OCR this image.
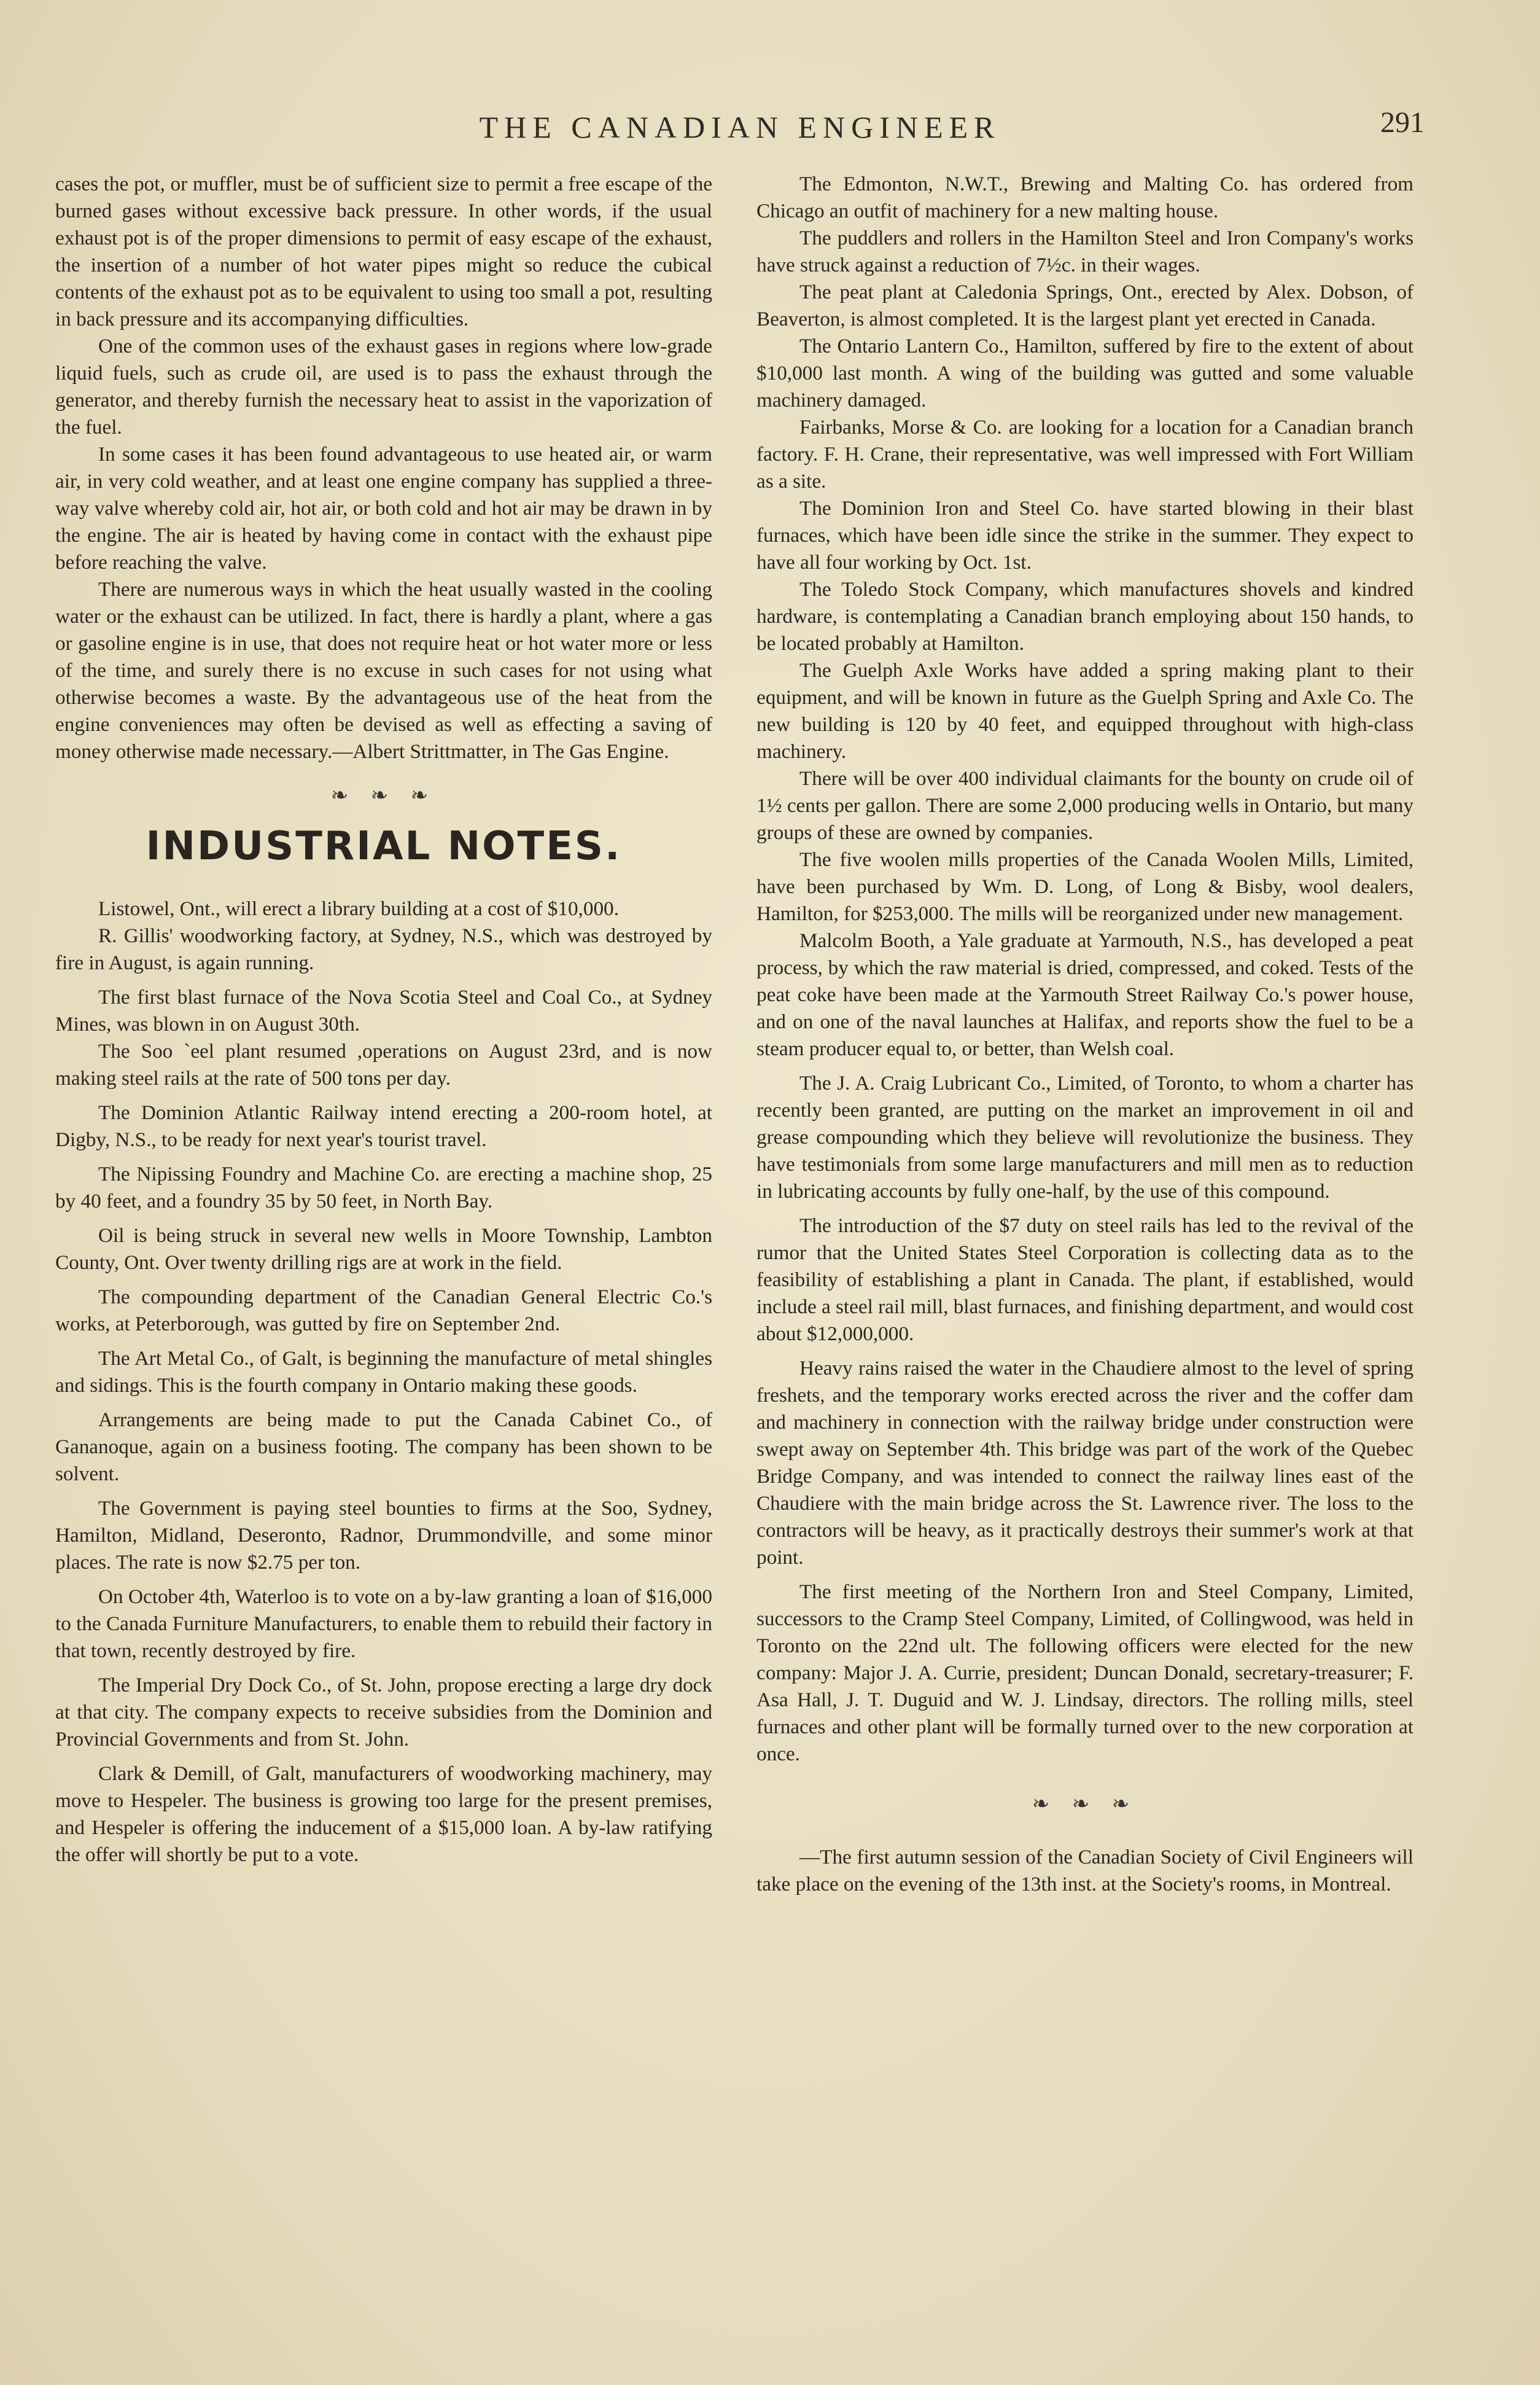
THE CANADIAN ENGINEER	291

cases the pot, or muffler, must be of sufficient size to permit a free escape of the burned gases without excessive back pressure. In other words, if the usual exhaust pot is of the proper dimensions to permit of easy escape of the exhaust, the insertion of a number of hot water pipes might so reduce the cubical contents of the exhaust pot as to be equivalent to using too small a pot, resulting in back pressure and its accompanying difficulties.

One of the common uses of the exhaust gases in regions where low-grade liquid fuels, such as crude oil, are used is to pass the exhaust through the generator, and thereby furnish the necessary heat to assist in the vaporization of the fuel.

In some cases it has been found advantageous to use heated air, or warm air, in very cold weather, and at least one engine company has supplied a three-way valve whereby cold air, hot air, or both cold and hot air may be drawn in by the engine. The air is heated by having come in contact with the exhaust pipe before reaching the valve.

There are numerous ways in which the heat usually wasted in the cooling water or the exhaust can be utilized. In fact, there is hardly a plant, where a gas or gasoline engine is in use, that does not require heat or hot water more or less of the time, and surely there is no excuse in such cases for not using what otherwise becomes a waste. By the advantageous use of the heat from the engine conveniences may often be devised as well as effecting a saving of money otherwise made necessary.—Albert Strittmatter, in The Gas Engine.

❧ ❧ ❧
INDUSTRIAL NOTES.

Listowel, Ont., will erect a library building at a cost of $10,000.

R. Gillis' woodworking factory, at Sydney, N.S., which was destroyed by fire in August, is again running.

The first blast furnace of the Nova Scotia Steel and Coal Co., at Sydney Mines, was blown in on August 30th.

The Soo `eel plant resumed ,operations on August 23rd, and is now making steel rails at the rate of 500 tons per day.

The Dominion Atlantic Railway intend erecting a 200-room hotel, at Digby, N.S., to be ready for next year's tourist travel.

The Nipissing Foundry and Machine Co. are erecting a machine shop, 25 by 40 feet, and a foundry 35 by 50 feet, in North Bay.

Oil is being struck in several new wells in Moore Township, Lambton County, Ont. Over twenty drilling rigs are at work in the field.

The compounding department of the Canadian General Electric Co.'s works, at Peterborough, was gutted by fire on September 2nd.

The Art Metal Co., of Galt, is beginning the manufacture of metal shingles and sidings. This is the fourth company in Ontario making these goods.

Arrangements are being made to put the Canada Cabinet Co., of Gananoque, again on a business footing. The company has been shown to be solvent.

The Government is paying steel bounties to firms at the Soo, Sydney, Hamilton, Midland, Deseronto, Radnor, Drummondville, and some minor places. The rate is now $2.75 per ton.

On October 4th, Waterloo is to vote on a by-law granting a loan of $16,000 to the Canada Furniture Manufacturers, to enable them to rebuild their factory in that town, recently destroyed by fire.

The Imperial Dry Dock Co., of St. John, propose erecting a large dry dock at that city. The company expects to receive subsidies from the Dominion and Provincial Governments and from St. John.

Clark & Demill, of Galt, manufacturers of woodworking machinery, may move to Hespeler. The business is growing too large for the present premises, and Hespeler is offering the inducement of a $15,000 loan. A by-law ratifying the offer will shortly be put to a vote.

The Edmonton, N.W.T., Brewing and Malting Co. has ordered from Chicago an outfit of machinery for a new malting house.

The puddlers and rollers in the Hamilton Steel and Iron Company's works have struck against a reduction of 7½c. in their wages.

The peat plant at Caledonia Springs, Ont., erected by Alex. Dobson, of Beaverton, is almost completed. It is the largest plant yet erected in Canada.

The Ontario Lantern Co., Hamilton, suffered by fire to the extent of about $10,000 last month. A wing of the building was gutted and some valuable machinery damaged.

Fairbanks, Morse & Co. are looking for a location for a Canadian branch factory. F. H. Crane, their representative, was well impressed with Fort William as a site.

The Dominion Iron and Steel Co. have started blowing in their blast furnaces, which have been idle since the strike in the summer. They expect to have all four working by Oct. 1st.

The Toledo Stock Company, which manufactures shovels and kindred hardware, is contemplating a Canadian branch employing about 150 hands, to be located probably at Hamilton.

The Guelph Axle Works have added a spring making plant to their equipment, and will be known in future as the Guelph Spring and Axle Co. The new building is 120 by 40 feet, and equipped throughout with high-class machinery.

There will be over 400 individual claimants for the bounty on crude oil of 1½ cents per gallon. There are some 2,000 producing wells in Ontario, but many groups of these are owned by companies.

The five woolen mills properties of the Canada Woolen Mills, Limited, have been purchased by Wm. D. Long, of Long & Bisby, wool dealers, Hamilton, for $253,000. The mills will be reorganized under new management.

Malcolm Booth, a Yale graduate at Yarmouth, N.S., has developed a peat process, by which the raw material is dried, compressed, and coked. Tests of the peat coke have been made at the Yarmouth Street Railway Co.'s power house, and on one of the naval launches at Halifax, and reports show the fuel to be a steam producer equal to, or better, than Welsh coal.

The J. A. Craig Lubricant Co., Limited, of Toronto, to whom a charter has recently been granted, are putting on the market an improvement in oil and grease compounding which they believe will revolutionize the business. They have testimonials from some large manufacturers and mill men as to reduction in lubricating accounts by fully one-half, by the use of this compound.

The introduction of the $7 duty on steel rails has led to the revival of the rumor that the United States Steel Corporation is collecting data as to the feasibility of establishing a plant in Canada. The plant, if established, would include a steel rail mill, blast furnaces, and finishing department, and would cost about $12,000,000.

Heavy rains raised the water in the Chaudiere almost to the level of spring freshets, and the temporary works erected across the river and the coffer dam and machinery in connection with the railway bridge under construction were swept away on September 4th. This bridge was part of the work of the Quebec Bridge Company, and was intended to connect the railway lines east of the Chaudiere with the main bridge across the St. Lawrence river. The loss to the contractors will be heavy, as it practically destroys their summer's work at that point.

The first meeting of the Northern Iron and Steel Company, Limited, successors to the Cramp Steel Company, Limited, of Collingwood, was held in Toronto on the 22nd ult. The following officers were elected for the new company: Major J. A. Currie, president; Duncan Donald, secretary-treasurer; F. Asa Hall, J. T. Duguid and W. J. Lindsay, directors. The rolling mills, steel furnaces and other plant will be formally turned over to the new corporation at once.

❧ ❧ ❧

—The first autumn session of the Canadian Society of Civil Engineers will take place on the evening of the 13th inst. at the Society's rooms, in Montreal.
